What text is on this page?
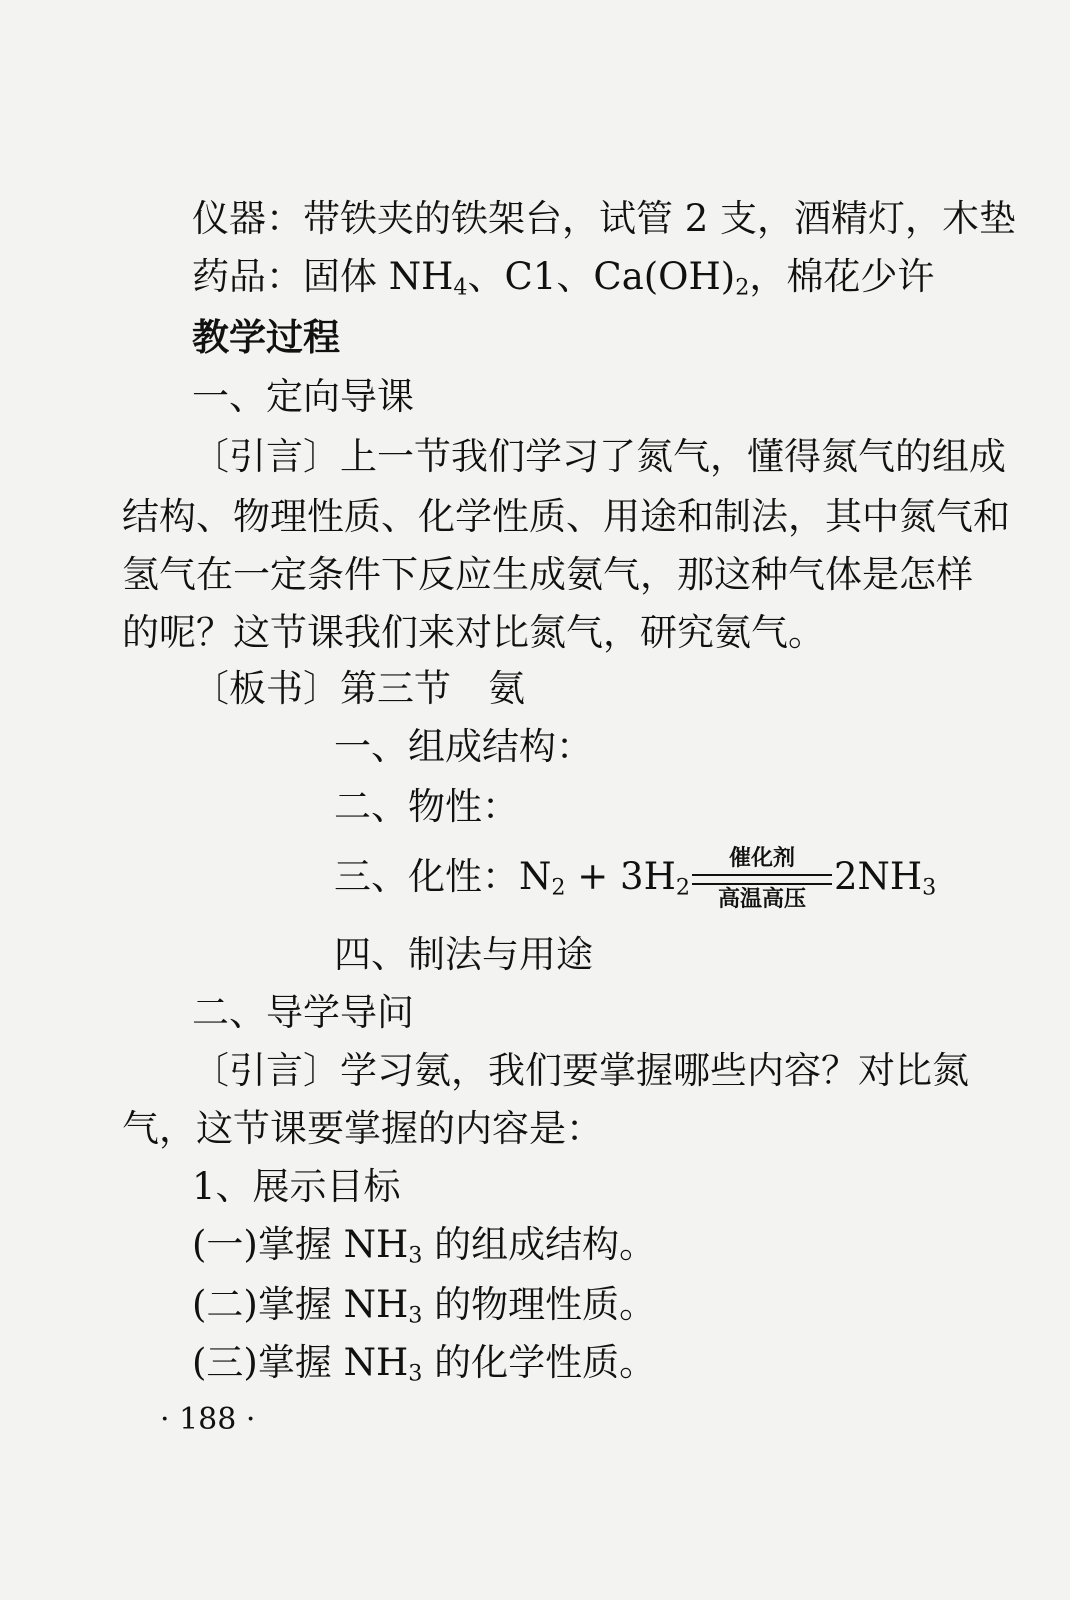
仪器：带铁夹的铁架台，试管 2 支，酒精灯，木垫
药品：固体 $NH_4$、C1、$Ca(OH)_2$，棉花少许
教学过程
一、定向导课
〔引言〕上一节我们学习了氮气，懂得氮气的组成
结构、物理性质、化学性质、用途和制法，其中氮气和
氢气在一定条件下反应生成氨气，那这种气体是怎样
的呢？这节课我们来对比氮气，研究氨气。
〔板书〕第三节　氨
一、组成结构：
二、物性：
三、化性：$N_2 + 3H_2$
催化剂
高温高压
$2NH_3$
四、制法与用途
二、导学导问
〔引言〕学习氨，我们要掌握哪些内容？对比氮
气，这节课要掌握的内容是：
1、展示目标
(一)掌握 $NH_3$ 的组成结构。
(二)掌握 $NH_3$ 的物理性质。
(三)掌握 $NH_3$ 的化学性质。
· 188 ·
